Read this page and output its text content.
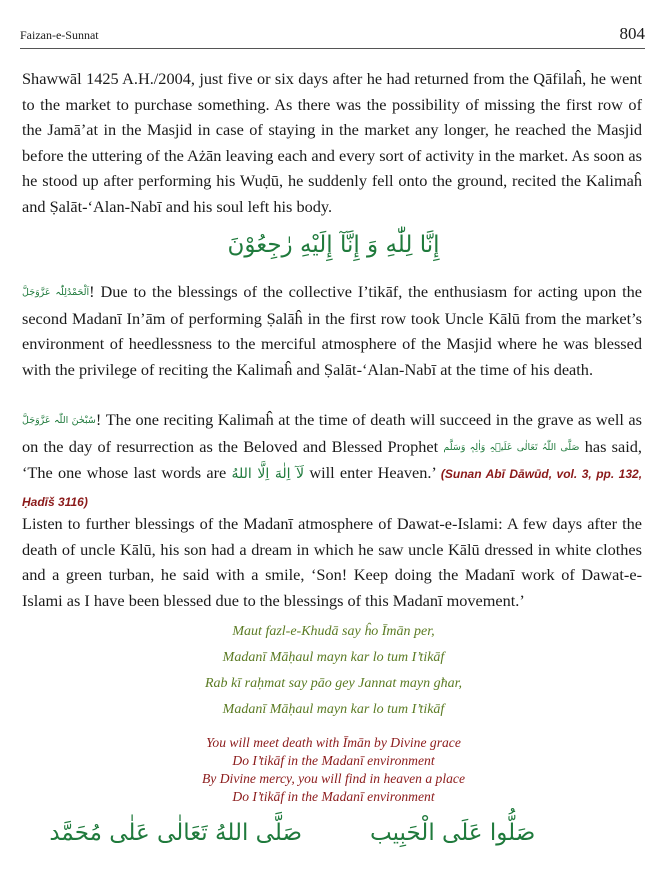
Faizan-e-Sunnat	804

Shawwāl 1425 A.H./2004, just five or six days after he had returned from the Qāfilaĥ, he went to the market to purchase something. As there was the possibility of missing the first row of the Jamā’at in the Masjid in case of staying in the market any longer, he reached the Masjid before the uttering of the Ażān leaving each and every sort of activity in the market. As soon as he stood up after performing his Wuḍū, he suddenly fell onto the ground, recited the Kalimaĥ and Ṣalāt-‘Alan-Nabī and his soul left his body.

إِنَّا لِلّٰهِ وَ إِنَّآ إِلَيْهِ رٰجِعُوْنَ

اَلْحَمْدُلِلّٰہ عَزَّوَجَلَّ! Due to the blessings of the collective I’tikāf, the enthusiasm for acting upon the second Madanī In’ām of performing Ṣalāĥ in the first row took Uncle Kālū from the market’s environment of heedlessness to the merciful atmosphere of the Masjid where he was blessed with the privilege of reciting the Kalimaĥ and Ṣalāt-‘Alan-Nabī at the time of his death.

سُبْحٰنَ اللّٰہ عَزَّوَجَلَّ! The one reciting Kalimaĥ at the time of death will succeed in the grave as well as on the day of resurrection as the Beloved and Blessed Prophet صَلَّی اللّٰہُ تَعَالٰی عَلَیۡہِ وَاٰلِہٖ وَسَلَّم has said, ‘The one whose last words are لَآ اِلٰهَ اِلَّا اللهُ will enter Heaven.’ (Sunan Abī Dāwūd, vol. 3, pp. 132, Ḥadīš 3116)

Listen to further blessings of the Madanī atmosphere of Dawat-e-Islami: A few days after the death of uncle Kālū, his son had a dream in which he saw uncle Kālū dressed in white clothes and a green turban, he said with a smile, ‘Son! Keep doing the Madanī work of Dawat-e-Islami as I have been blessed due to the blessings of this Madanī movement.’

Maut fazl-e-Khudā say ĥo Īmān per,
Madanī Māḥaul mayn kar lo tum I’tikāf
Rab kī raḥmat say pāo gey Jannat mayn għar,
Madanī Māḥaul mayn kar lo tum I’tikāf
You will meet death with Īmān by Divine grace
Do I’tikāf in the Madanī environment
By Divine mercy, you will find in heaven a place
Do I’tikāf in the Madanī environment
صَلَّى اللهُ تَعَالٰى عَلٰى مُحَمَّد	صَلُّوا عَلَى الْحَبِيب
